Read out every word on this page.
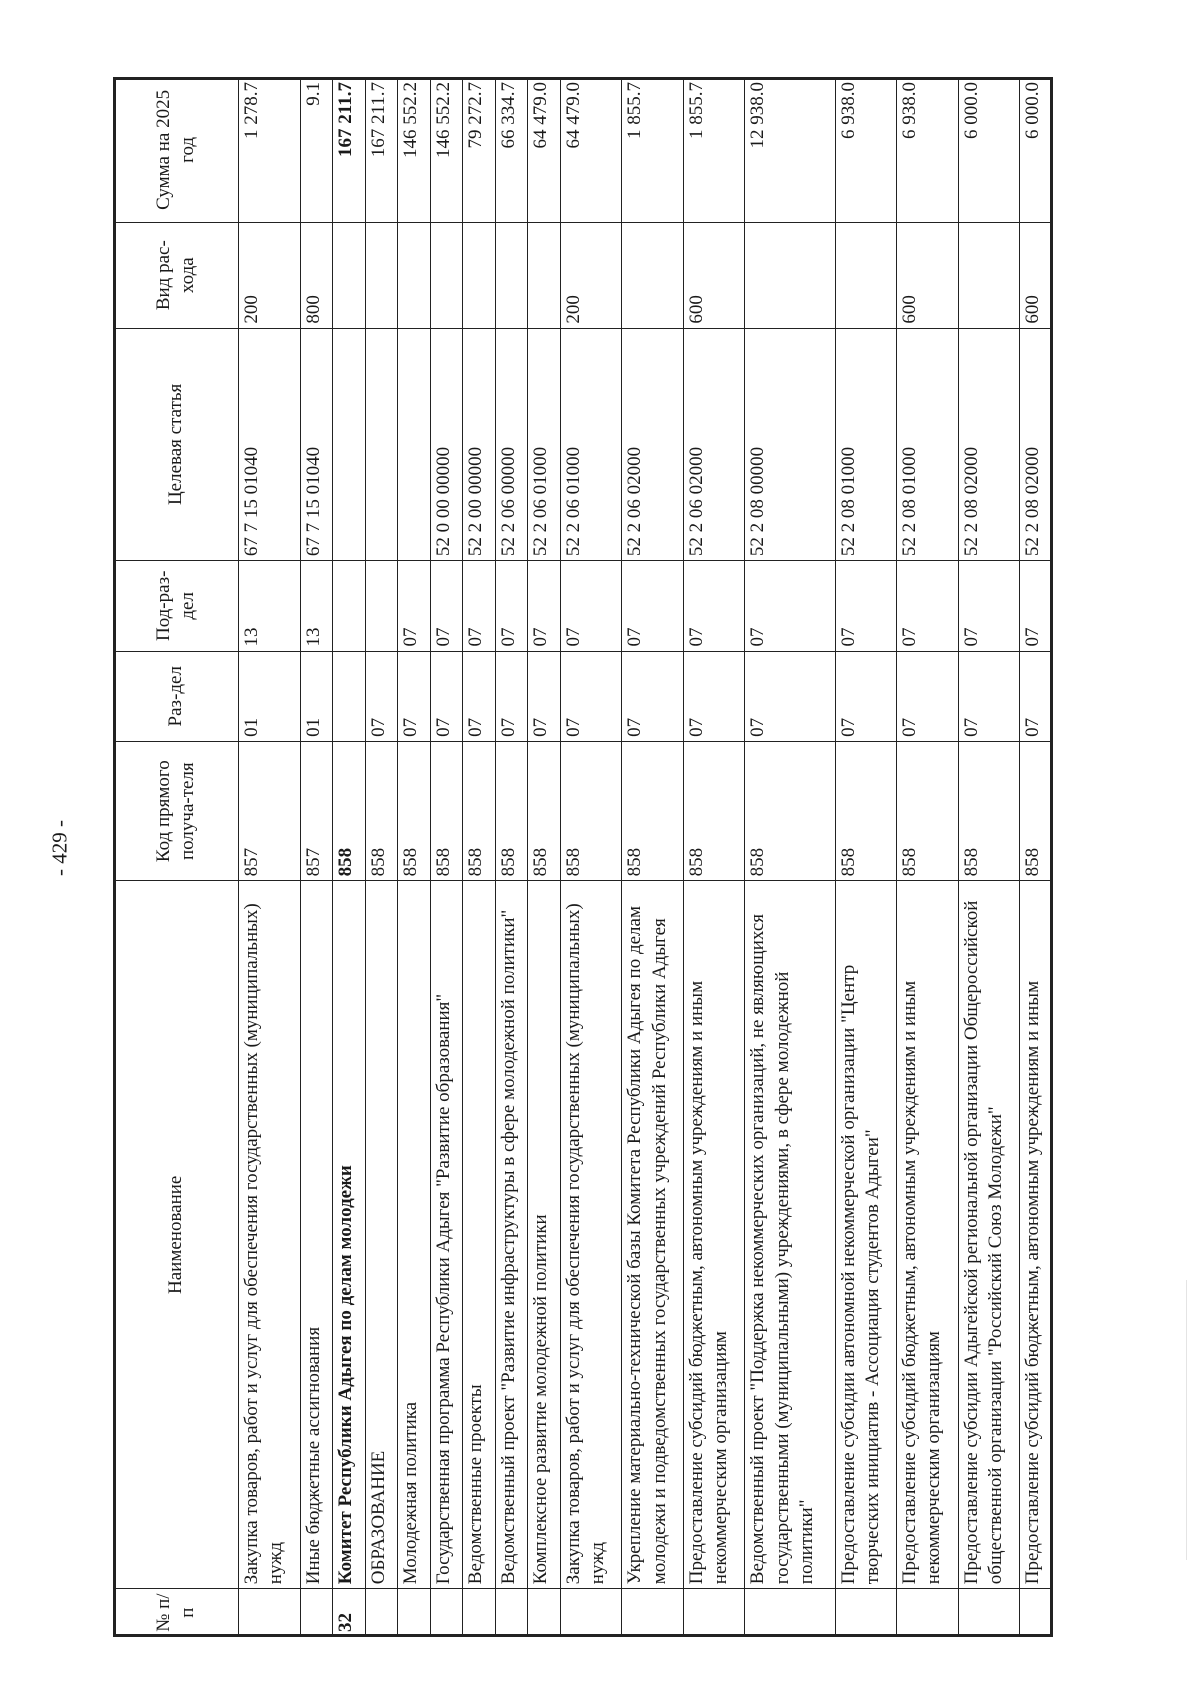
- 429 -
№ п/п	Наименование	Код прямого получа-теля	Раз-дел	Под-раз-дел	Целевая статья	Вид рас-хода	Сумма на 2025 год
	Закупка товаров, работ и услуг для обеспечения государственных (муниципальных) нужд	857	01	13	67 7 15 01040	200	1 278.7
	Иные бюджетные ассигнования	857	01	13	67 7 15 01040	800	9.1
32	Комитет Республики Адыгея по делам молодежи	858					167 211.7
	ОБРАЗОВАНИЕ	858	07				167 211.7
	Молодежная политика	858	07	07			146 552.2
	Государственная программа Республики Адыгея "Развитие образования"	858	07	07	52 0 00 00000		146 552.2
	Ведомственные проекты	858	07	07	52 2 00 00000		79 272.7
	Ведомственный проект "Развитие инфраструктуры в сфере молодежной политики"	858	07	07	52 2 06 00000		66 334.7
	Комплексное развитие молодежной политики	858	07	07	52 2 06 01000		64 479.0
	Закупка товаров, работ и услуг для обеспечения государственных (муниципальных) нужд	858	07	07	52 2 06 01000	200	64 479.0
	Укрепление материально-технической базы Комитета Республики Адыгея по делам молодежи и подведомственных государственных учреждений Республики Адыгея	858	07	07	52 2 06 02000		1 855.7
	Предоставление субсидий бюджетным, автономным учреждениям и иным некоммерческим организациям	858	07	07	52 2 06 02000	600	1 855.7
	Ведомственный проект "Поддержка некоммерческих организаций, не являющихся государственными (муниципальными) учреждениями, в сфере молодежной политики"	858	07	07	52 2 08 00000		12 938.0
	Предоставление субсидии автономной некоммерческой организации "Центр творческих инициатив - Ассоциация студентов Адыгеи"	858	07	07	52 2 08 01000		6 938.0
	Предоставление субсидий бюджетным, автономным учреждениям и иным некоммерческим организациям	858	07	07	52 2 08 01000	600	6 938.0
	Предоставление субсидии Адыгейской региональной организации Общероссийской общественной организации "Российский Союз Молодежи"	858	07	07	52 2 08 02000		6 000.0
	Предоставление субсидий бюджетным, автономным учреждениям и иным	858	07	07	52 2 08 02000	600	6 000.0
